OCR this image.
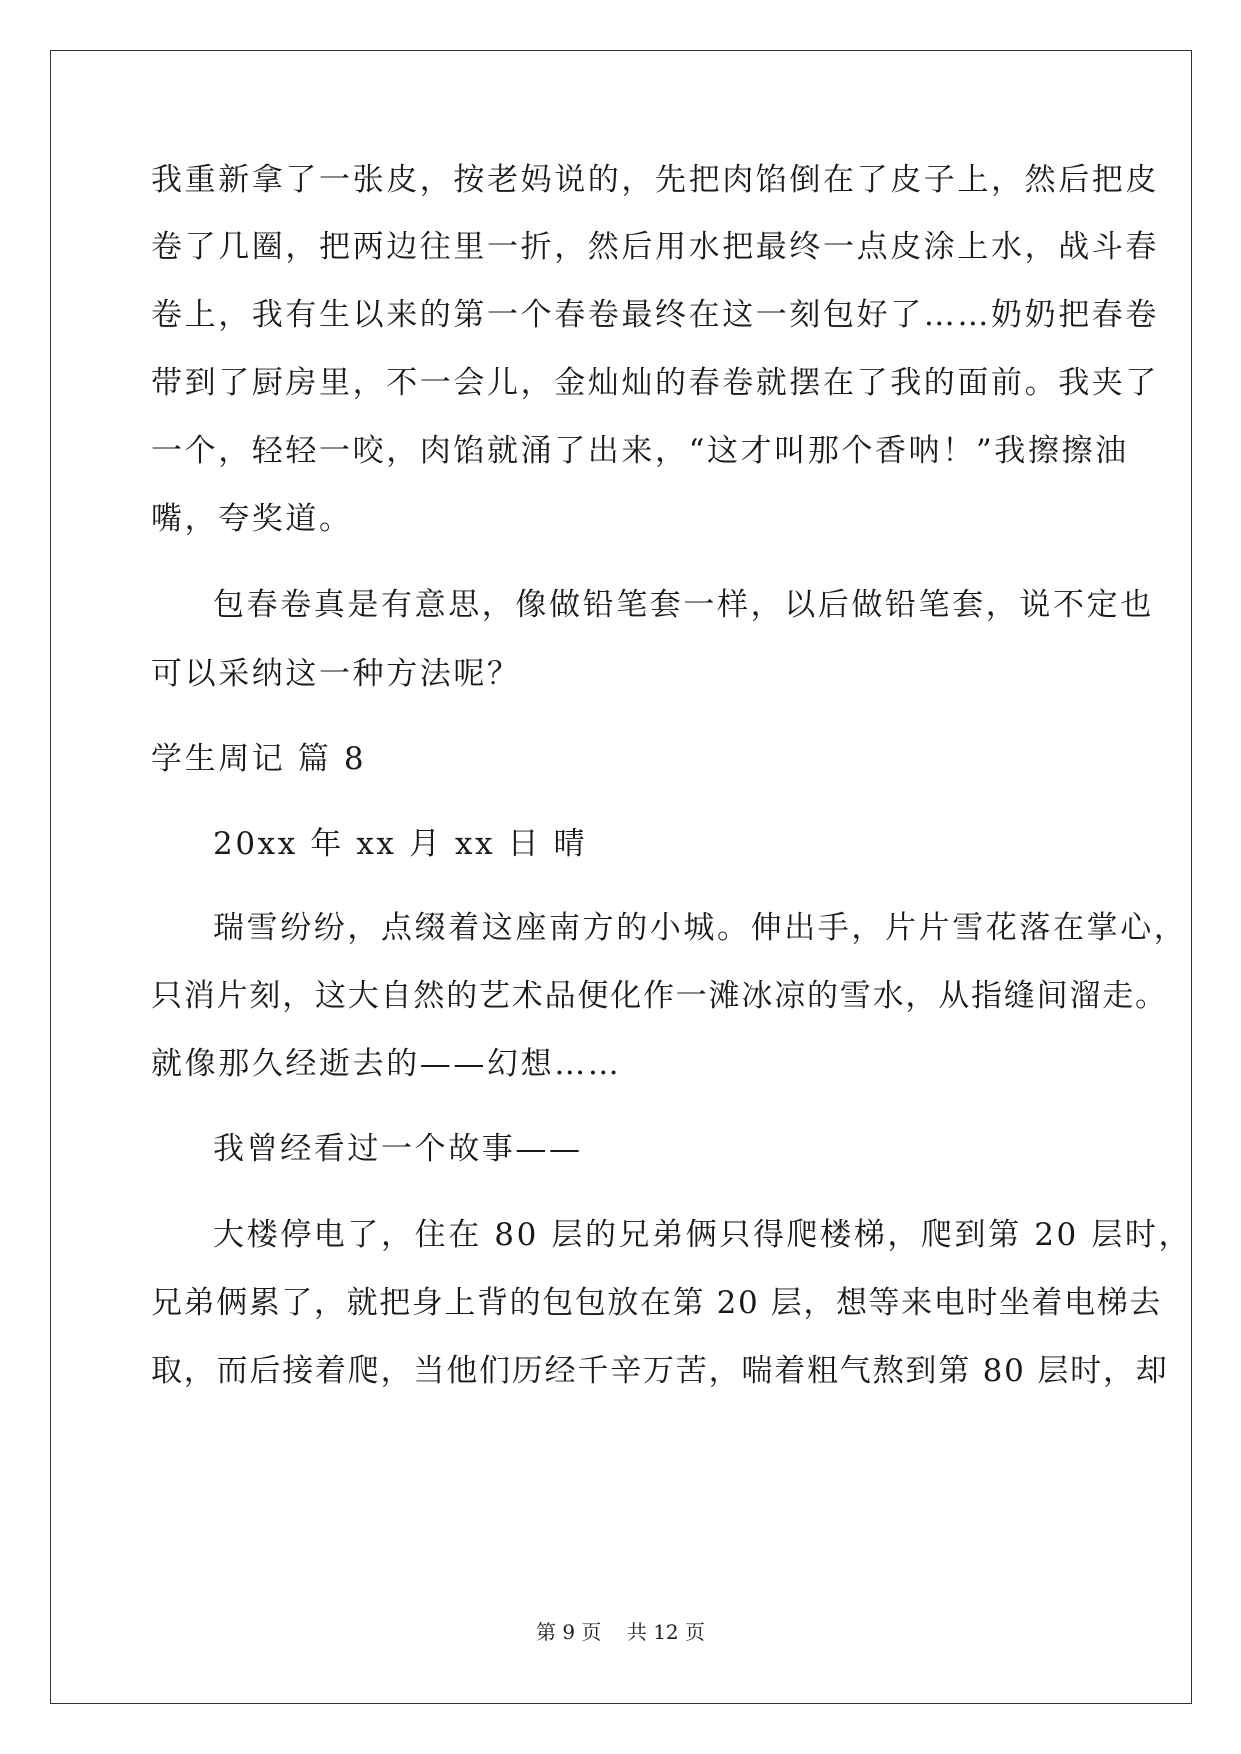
我重新拿了一张皮，按老妈说的，先把肉馅倒在了皮子上，然后把皮
卷了几圈，把两边往里一折，然后用水把最终一点皮涂上水，战斗春
卷上，我有生以来的第一个春卷最终在这一刻包好了……奶奶把春卷
带到了厨房里，不一会儿，金灿灿的春卷就摆在了我的面前。我夹了
一个，轻轻一咬，肉馅就涌了出来，“这才叫那个香呐！”我擦擦油
嘴，夸奖道。
包春卷真是有意思，像做铅笔套一样，以后做铅笔套，说不定也
可以采纳这一种方法呢？
学生周记 篇 8
20xx 年 xx 月 xx 日 晴
瑞雪纷纷，点缀着这座南方的小城。伸出手，片片雪花落在掌心，
只消片刻，这大自然的艺术品便化作一滩冰凉的雪水，从指缝间溜走。
就像那久经逝去的——幻想……
我曾经看过一个故事——
大楼停电了，住在 80 层的兄弟俩只得爬楼梯，爬到第 20 层时，
兄弟俩累了，就把身上背的包包放在第 20 层，想等来电时坐着电梯去
取，而后接着爬，当他们历经千辛万苦，喘着粗气熬到第 80 层时，却
第 9 页    共 12 页
